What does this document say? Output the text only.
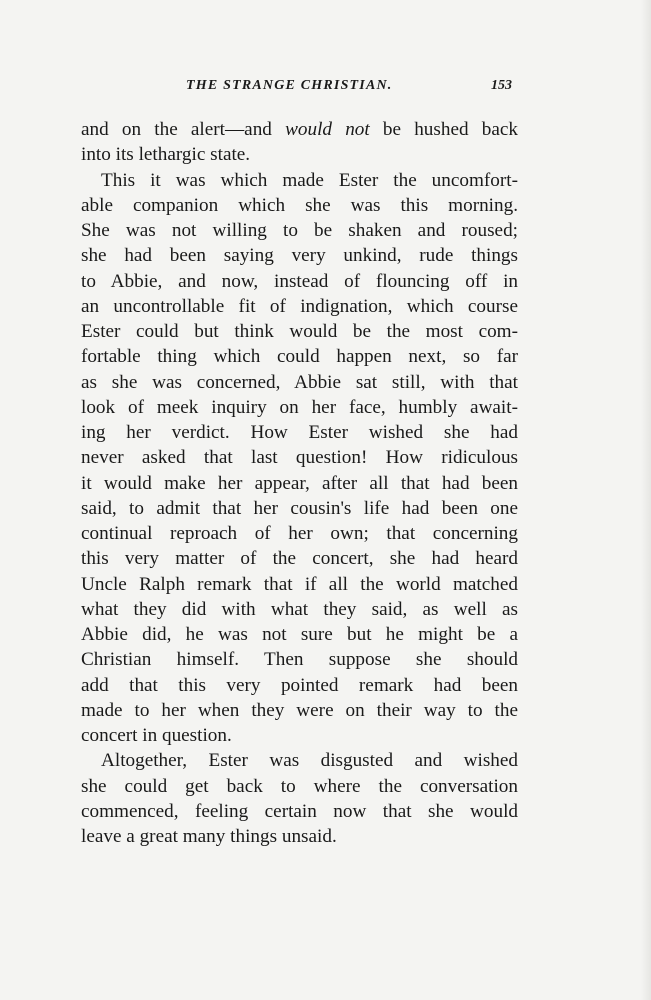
THE STRANGE CHRISTIAN.	153
and on the alert—and would not be hushed back
into its lethargic state.
This it was which made Ester the uncomfort-
able companion which she was this morning.
She was not willing to be shaken and roused;
she had been saying very unkind, rude things
to Abbie, and now, instead of flouncing off in
an uncontrollable fit of indignation, which course
Ester could but think would be the most com-
fortable thing which could happen next, so far
as she was concerned, Abbie sat still, with that
look of meek inquiry on her face, humbly await-
ing her verdict. How Ester wished she had
never asked that last question! How ridiculous
it would make her appear, after all that had been
said, to admit that her cousin's life had been one
continual reproach of her own; that concerning
this very matter of the concert, she had heard
Uncle Ralph remark that if all the world matched
what they did with what they said, as well as
Abbie did, he was not sure but he might be a
Christian himself. Then suppose she should
add that this very pointed remark had been
made to her when they were on their way to the
concert in question.
Altogether, Ester was disgusted and wished
she could get back to where the conversation
commenced, feeling certain now that she would
leave a great many things unsaid.
